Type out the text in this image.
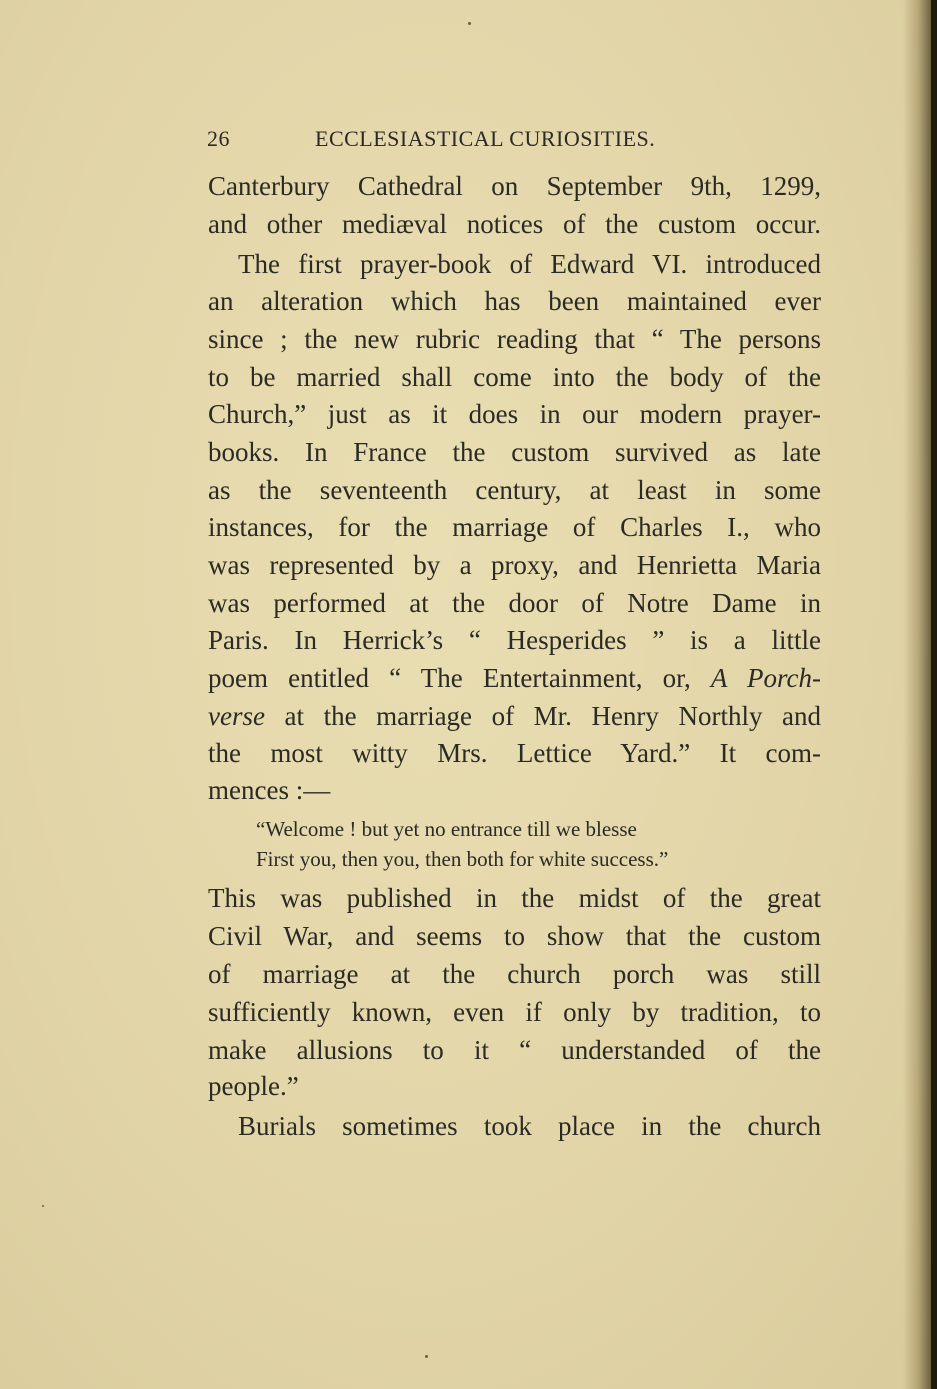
26	ECCLESIASTICAL CURIOSITIES.
Canterbury Cathedral on September 9th, 1299,
and other mediæval notices of the custom occur.
The first prayer-book of Edward VI. introduced
an alteration which has been maintained ever
since ; the new rubric reading that “ The persons
to be married shall come into the body of the
Church,” just as it does in our modern prayer-
books. In France the custom survived as late
as the seventeenth century, at least in some
instances, for the marriage of Charles I., who
was represented by a proxy, and Henrietta Maria
was performed at the door of Notre Dame in
Paris. In Herrick’s “ Hesperides ” is a little
poem entitled “ The Entertainment, or, A Porch-
verse at the marriage of Mr. Henry Northly and
the most witty Mrs. Lettice Yard.” It com-
mences :—
“Welcome ! but yet no entrance till we blesse
First you, then you, then both for white success.”
This was published in the midst of the great
Civil War, and seems to show that the custom
of marriage at the church porch was still
sufficiently known, even if only by tradition, to
make allusions to it “ understanded of the
people.”
Burials sometimes took place in the church
